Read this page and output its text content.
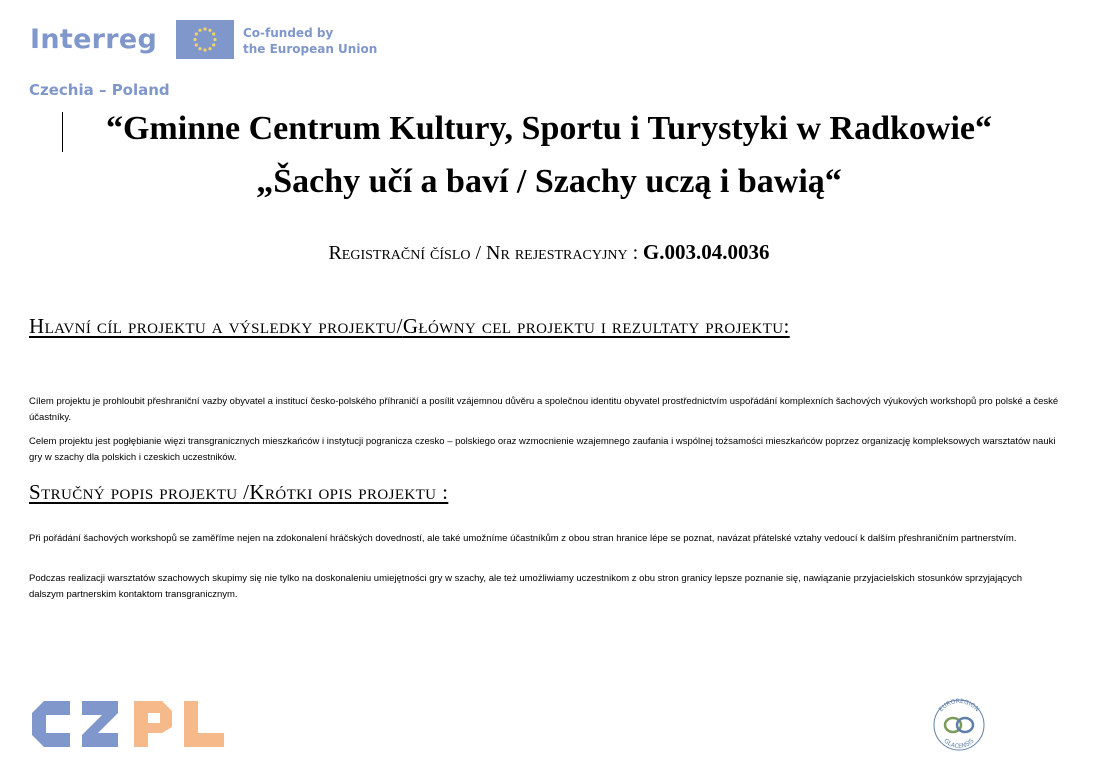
Interreg	Co-funded by
the European Union
Czechia – Poland
“Gminne Centrum Kultury, Sportu i Turystyki w Radkowie“
„Šachy učí a baví / Szachy uczą i bawią“
Registrační číslo / Nr rejestracyjny : G.003.04.0036
Hlavní cíl projektu a výsledky projektu/Główny cel projektu i rezultaty projektu:
Cílem projektu je prohloubit přeshraniční vazby obyvatel a institucí česko-polského příhraničí a posílit vzájemnou důvěru a společnou identitu obyvatel prostřednictvím uspořádání komplexních šachových výukových workshopů pro polské a české účastníky.
Celem projektu jest pogłębianie więzi transgranicznych mieszkańców i instytucji pogranicza czesko – polskiego oraz wzmocnienie wzajemnego zaufania i wspólnej tożsamości mieszkańców poprzez organizację kompleksowych warsztatów nauki gry w szachy dla polskich i czeskich uczestników.
Stručný popis projektu /Krótki opis projektu :
Při pořádání šachových workshopů se zaměříme nejen na zdokonalení hráčských dovedností, ale také umožníme účastníkům z obou stran hranice lépe se poznat, navázat přátelské vztahy vedoucí k dalším přeshraničním partnerstvím.
Podczas realizacji warsztatów szachowych skupimy się nie tylko na doskonaleniu umiejętności gry w szachy, ale też umożliwiamy uczestnikom z obu stron granicy lepsze poznanie się, nawiązanie przyjacielskich stosunków sprzyjających dalszym partnerskim kontaktom transgranicznym.
EUROREGION
GLACENSIS
